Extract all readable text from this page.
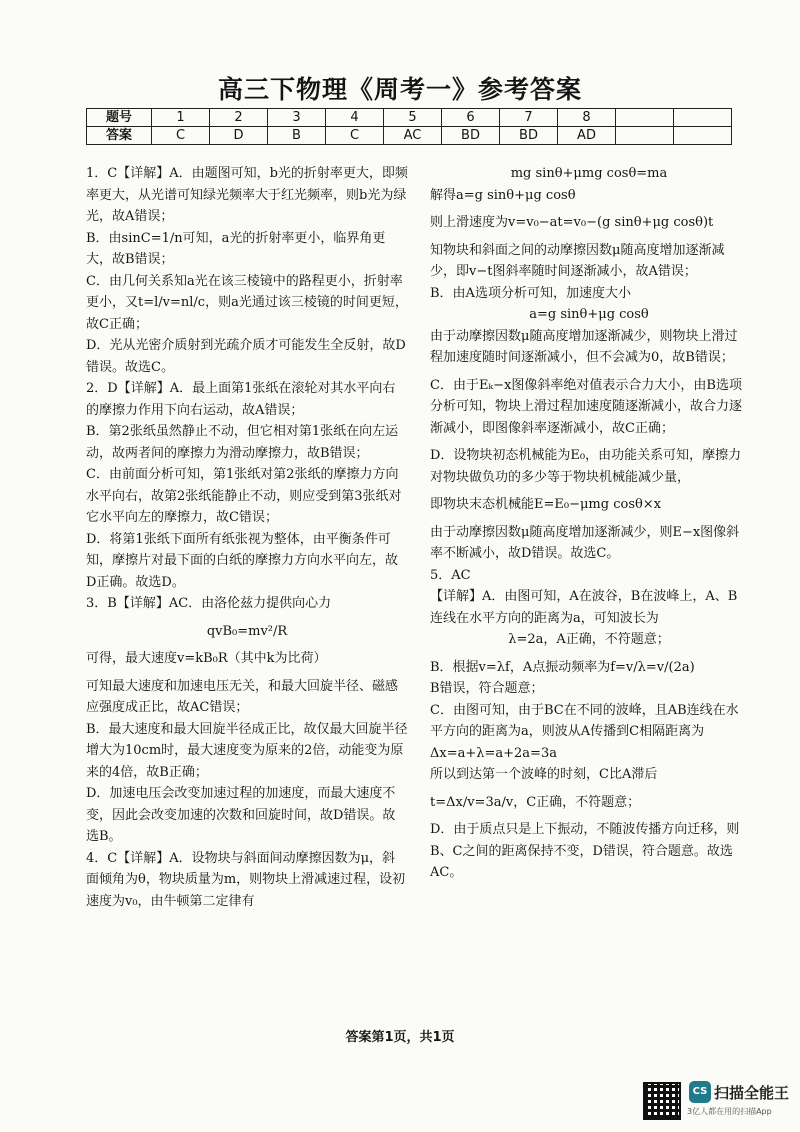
高三下物理《周考一》参考答案
题号	1	2	3	4	5	6	7	8		
答案	C	D	B	C	AC	BD	BD	AD		

1．C【详解】A．由题图可知，b光的折射率更大，即频率更大，从光谱可知绿光频率大于红光频率，则b光为绿光，故A错误；

B．由sinC=1/n可知，a光的折射率更小，临界角更大，故B错误；

C．由几何关系知a光在该三棱镜中的路程更小，折射率更小，又t=l/v=nl/c，则a光通过该三棱镜的时间更短，故C正确；

D．光从光密介质射到光疏介质才可能发生全反射，故D错误。故选C。

2．D【详解】A．最上面第1张纸在滚轮对其水平向右的摩擦力作用下向右运动，故A错误；

B．第2张纸虽然静止不动，但它相对第1张纸在向左运动，故两者间的摩擦力为滑动摩擦力，故B错误；

C．由前面分析可知，第1张纸对第2张纸的摩擦力方向水平向右，故第2张纸能静止不动，则应受到第3张纸对它水平向左的摩擦力，故C错误；

D．将第1张纸下面所有纸张视为整体，由平衡条件可知，摩擦片对最下面的白纸的摩擦力方向水平向左，故D正确。故选D。

3．B【详解】AC．由洛伦兹力提供向心力

qvB₀=mv²/R

可得，最大速度v=kB₀R（其中k为比荷）

可知最大速度和加速电压无关，和最大回旋半径、磁感应强度成正比，故AC错误；

B．最大速度和最大回旋半径成正比，故仅最大回旋半径增大为10cm时，最大速度变为原来的2倍，动能变为原来的4倍，故B正确；

D．加速电压会改变加速过程的加速度，而最大速度不变，因此会改变加速的次数和回旋时间，故D错误。故选B。

4．C【详解】A．设物块与斜面间动摩擦因数为μ，斜面倾角为θ，物块质量为m，则物块上滑减速过程，设初速度为v₀，由牛顿第二定律有

mg sinθ+μmg cosθ=ma

解得a=g sinθ+μg cosθ

则上滑速度为v=v₀−at=v₀−(g sinθ+μg cosθ)t

知物块和斜面之间的动摩擦因数μ随高度增加逐渐减少，即v−t图斜率随时间逐渐减小，故A错误；

B．由A选项分析可知，加速度大小

a=g sinθ+μg cosθ

由于动摩擦因数μ随高度增加逐渐减少，则物块上滑过程加速度随时间逐渐减小，但不会减为0，故B错误；

C．由于Eₖ−x图像斜率绝对值表示合力大小，由B选项分析可知，物块上滑过程加速度随逐渐减小，故合力逐渐减小，即图像斜率逐渐减小，故C正确；

D．设物块初态机械能为E₀，由功能关系可知，摩擦力对物块做负功的多少等于物块机械能减少量，

即物块末态机械能E=E₀−μmg cosθ×x

由于动摩擦因数μ随高度增加逐渐减少，则E−x图像斜率不断减小，故D错误。故选C。

5．AC

【详解】A．由图可知，A在波谷，B在波峰上，A、B连线在水平方向的距离为a，可知波长为

λ=2a，A正确，不符题意；

B．根据v=λf，A点振动频率为f=v/λ=v/(2a)

B错误，符合题意；

C．由图可知，由于BC在不同的波峰，且AB连线在水平方向的距离为a，则波从A传播到C相隔距离为Δx=a+λ=a+2a=3a

所以到达第一个波峰的时刻，C比A滞后

t=Δx/v=3a/v，C正确，不符题意；

D．由于质点只是上下振动，不随波传播方向迁移，则B、C之间的距离保持不变，D错误，符合题意。故选AC。

答案第1页，共1页
CS 扫描全能王
3亿人都在用的扫描App
